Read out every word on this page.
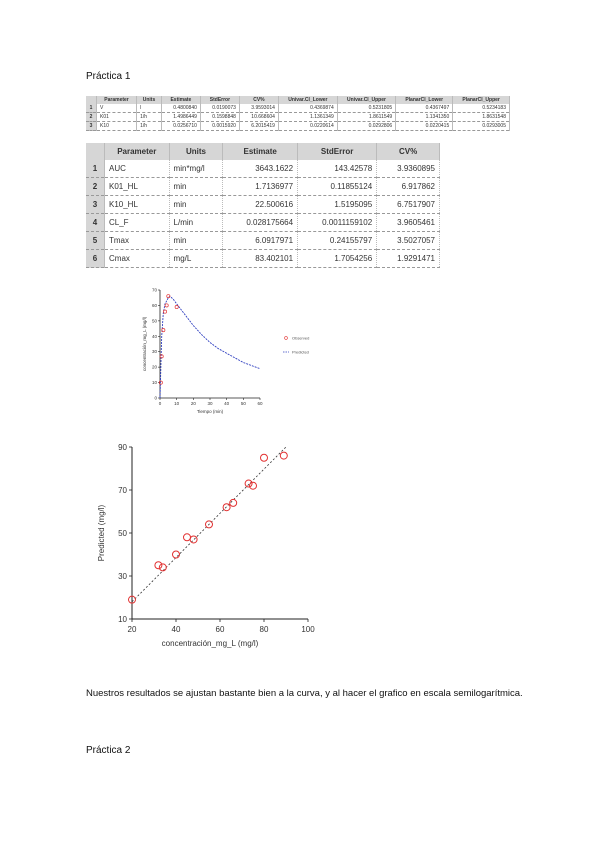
Práctica 1
	Parameter	Units	Estimate	StdError	CV%	Univar.CI_Lower	Univar.CI_Upper	PlanarCI_Lower	PlanarCI_Upper
1	V	l	0.4800840	0.0190073	3.9593014	0.4369874	0.5231805	0.4367497	0.5234183
2	K01	1/h	1.4986449	0.1598848	10.668604	1.1361349	1.8611549	1.1341350	1.8631548
3	K10	1/h	0.0256710	0.0015920	6.2015419	0.0220614	0.0292806	0.0220415	0.0293005
	Parameter	Units	Estimate	StdError	CV%
1	AUC	min*mg/l	3643.1622	143.42578	3.9360895
2	K01_HL	min	1.7136977	0.11855124	6.917862
3	K10_HL	min	22.500616	1.5195095	6.7517907
4	CL_F	L/min	0.028175664	0.0011159102	3.9605461
5	Tmax	min	6.0917971	0.24155797	3.5027057
6	Cmax	mg/L	83.402101	1.7054256	1.9291471
0
10
20
30
40
50
60
70
0	10	20	30	40	50	60
Tiempo (min)
concentración_mg_L (mg/l)	Observed
Predicted
10
30
50
70
90
20	40	60	80	100
concentración_mg_L (mg/l)
Predicted (mg/l)
Nuestros resultados se ajustan bastante bien a la curva, y al hacer el grafico en escala semilogarítmica.
Práctica 2
